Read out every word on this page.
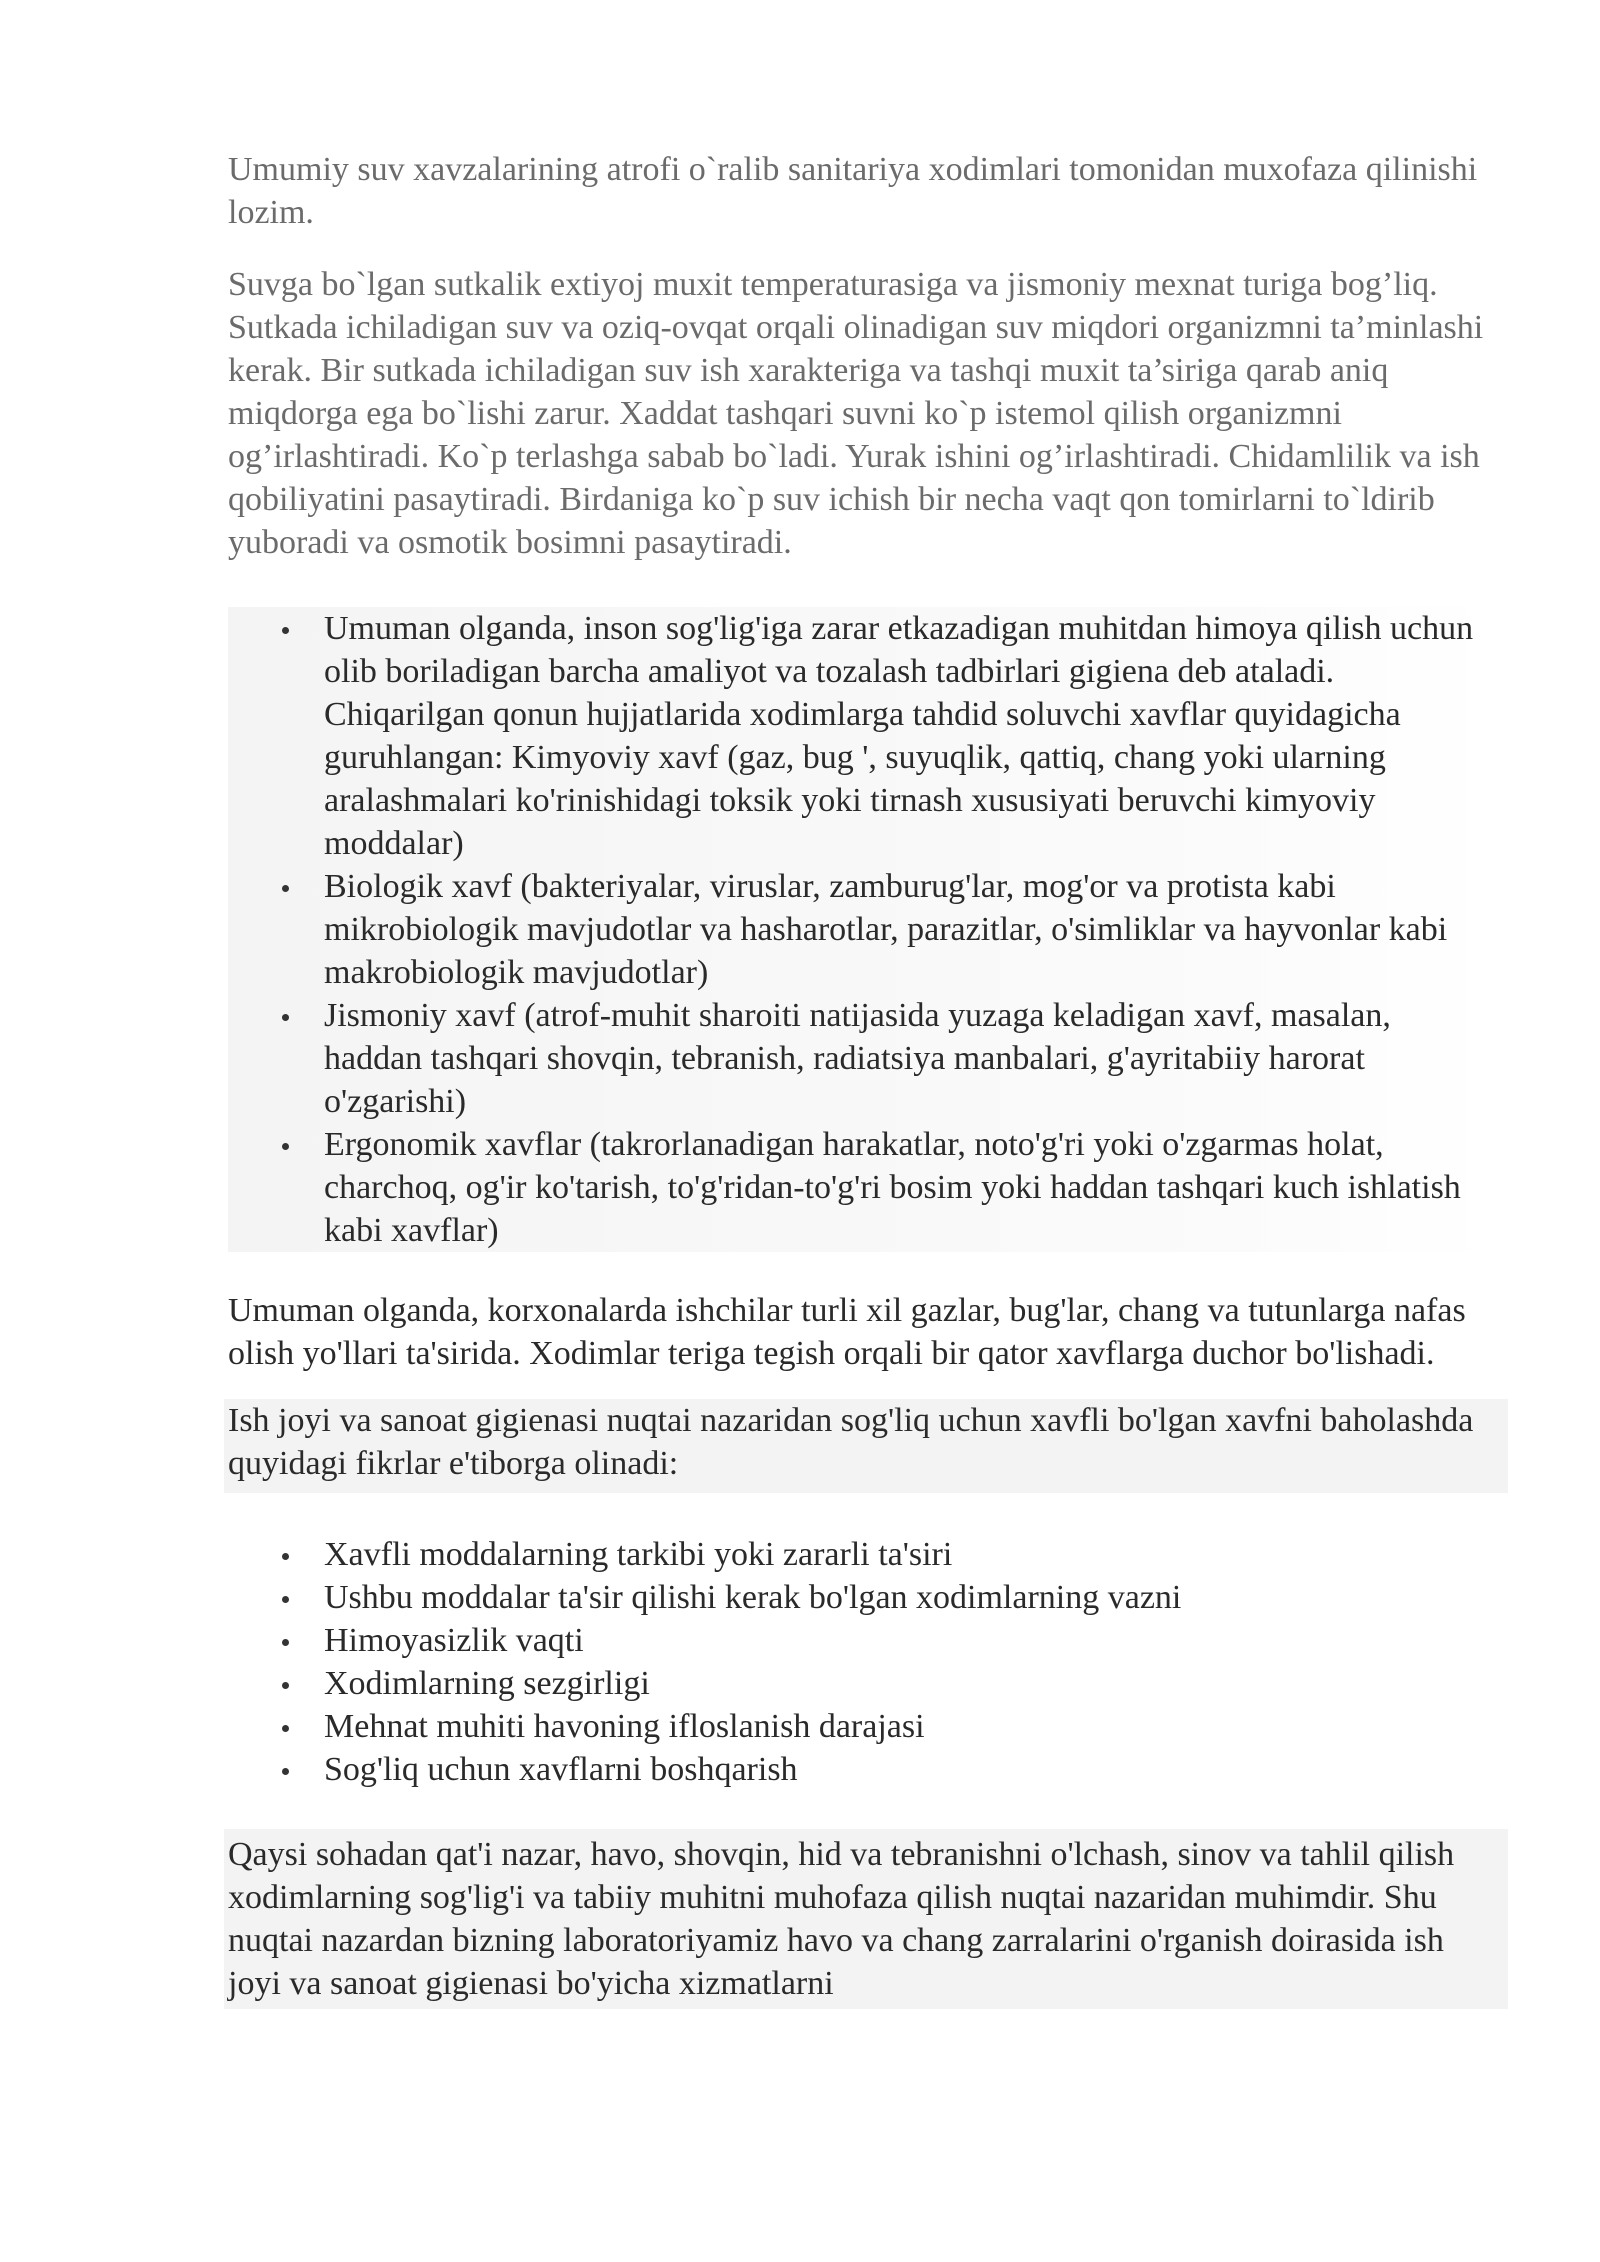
Umumiy suv xavzalarining atrofi o`ralib sanitariya xodimlari tomonidan muxofaza qilinishi lozim.

Suvga bo`lgan sutkalik extiyoj muxit temperaturasiga va jismoniy mexnat turiga bog’liq. Sutkada ichiladigan suv va oziq-ovqat orqali olinadigan suv miqdori organizmni ta’minlashi kerak. Bir sutkada ichiladigan suv ish xarakteriga va tashqi muxit ta’siriga qarab aniq miqdorga ega bo`lishi zarur. Xaddat tashqari suvni ko`p istemol qilish organizmni og’irlashtiradi. Ko`p terlashga sabab bo`ladi. Yurak ishini og’irlashtiradi. Chidamlilik va ish qobiliyatini pasaytiradi. Birdaniga ko`p suv ichish bir necha vaqt qon tomirlarni to`ldirib yuboradi va osmotik bosimni pasaytiradi.

Umuman olganda, inson sog'lig'iga zarar etkazadigan muhitdan himoya qilish uchun olib boriladigan barcha amaliyot va tozalash tadbirlari gigiena deb ataladi. Chiqarilgan qonun hujjatlarida xodimlarga tahdid soluvchi xavflar quyidagicha guruhlangan: Kimyoviy xavf (gaz, bug ', suyuqlik, qattiq, chang yoki ularning aralashmalari ko'rinishidagi toksik yoki tirnash xususiyati beruvchi kimyoviy moddalar)
Biologik xavf (bakteriyalar, viruslar, zamburug'lar, mog'or va protista kabi mikrobiologik mavjudotlar va hasharotlar, parazitlar, o'simliklar va hayvonlar kabi makrobiologik mavjudotlar)
Jismoniy xavf (atrof-muhit sharoiti natijasida yuzaga keladigan xavf, masalan, haddan tashqari shovqin, tebranish, radiatsiya manbalari, g'ayritabiiy harorat o'zgarishi)
Ergonomik xavflar (takrorlanadigan harakatlar, noto'g'ri yoki o'zgarmas holat, charchoq, og'ir ko'tarish, to'g'ridan-to'g'ri bosim yoki haddan tashqari kuch ishlatish kabi xavflar)

Umuman olganda, korxonalarda ishchilar turli xil gazlar, bug'lar, chang va tutunlarga nafas olish yo'llari ta'sirida. Xodimlar teriga tegish orqali bir qator xavflarga duchor bo'lishadi.

Ish joyi va sanoat gigienasi nuqtai nazaridan sog'liq uchun xavfli bo'lgan xavfni baholashda quyidagi fikrlar e'tiborga olinadi:

Xavfli moddalarning tarkibi yoki zararli ta'siri
Ushbu moddalar ta'sir qilishi kerak bo'lgan xodimlarning vazni
Himoyasizlik vaqti
Xodimlarning sezgirligi
Mehnat muhiti havoning ifloslanish darajasi
Sog'liq uchun xavflarni boshqarish

Qaysi sohadan qat'i nazar, havo, shovqin, hid va tebranishni o'lchash, sinov va tahlil qilish xodimlarning sog'lig'i va tabiiy muhitni muhofaza qilish nuqtai nazaridan muhimdir. Shu nuqtai nazardan bizning laboratoriyamiz havo va chang zarralarini o'rganish doirasida ish joyi va sanoat gigienasi bo'yicha xizmatlarni
